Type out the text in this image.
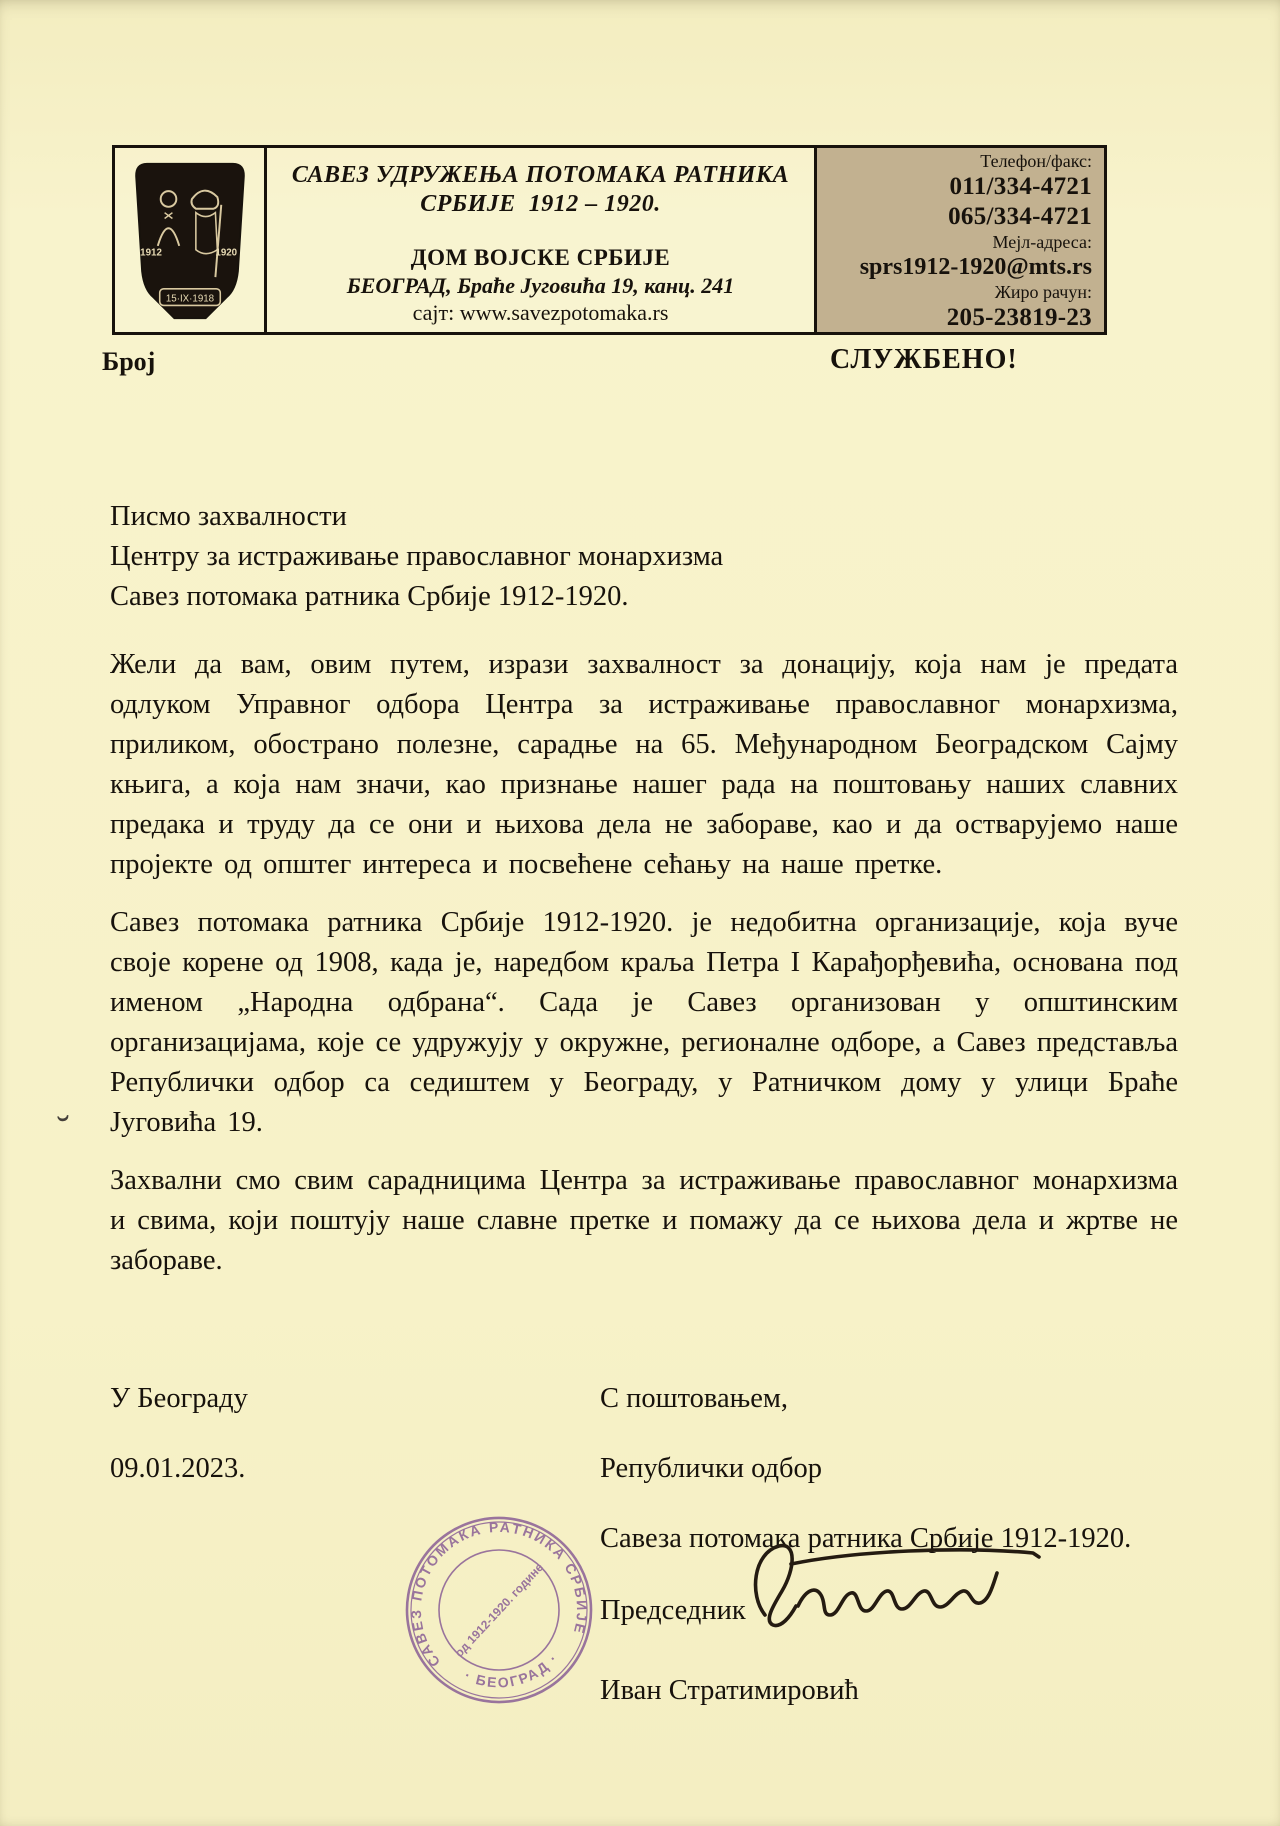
1912	1920
15·IX·1918
САВЕЗ УДРУЖЕЊА ПОТОМАКА РАТНИКА
СРБИЈЕ  1912 – 1920.
ДОМ ВОЈСКЕ СРБИЈЕ
БЕОГРАД, Браће Југовића 19, канц. 241
сајт: www.savezpotomaka.rs
Телефон/факс:
011/334-4721
065/334-4721
Мејл-адреса:
sprs1912-1920@mts.rs
Жиро рачун:
205-23819-23
Број	СЛУЖБЕНО!

Писмо захвалности

Центру за истраживање православног монархизма

Савез потомака ратника Србије 1912-1920.

Жели да вам, овим путем, изрази захвалност за донацију, која нам је предата одлуком Управног одбора Центра за истраживање православног монархизма, приликом, обострано полезне, сарадње на 65. Међународном Београдском Сајму књига, а која нам значи, као признање нашег рада на поштовању наших славних предака и труду да се они и њихова дела не забораве, као и да остварујемо наше пројекте од општег интереса и посвећене сећању на наше претке.

Савез потомака ратника Србије 1912-1920. је недобитна организације, која вуче своје корене од 1908, када је, наредбом краља Петра I Карађорђевића, основана под именом „Народна одбрана“. Сада је Савез организован у општинским организацијама, које се удружују у окружне, регионалне одборе, а Савез представља Републички одбор са седиштем у Београду, у Ратничком дому у улици Браће Југовића 19.

Захвални смо свим сарадницима Центра за истраживање православног монархизма и свима, који поштују наше славне претке и помажу да се њихова дела и жртве не забораве.

˘
У Београду	С поштовањем,
09.01.2023.	Републички одбор
Савеза потомака ратника Србије 1912-1920.
Председник
Иван Стратимировић
САВЕЗ ПОТОМАКА РАТНИКА СРБИЈЕ
· БЕОГРАД ·
од 1912-1920. године
